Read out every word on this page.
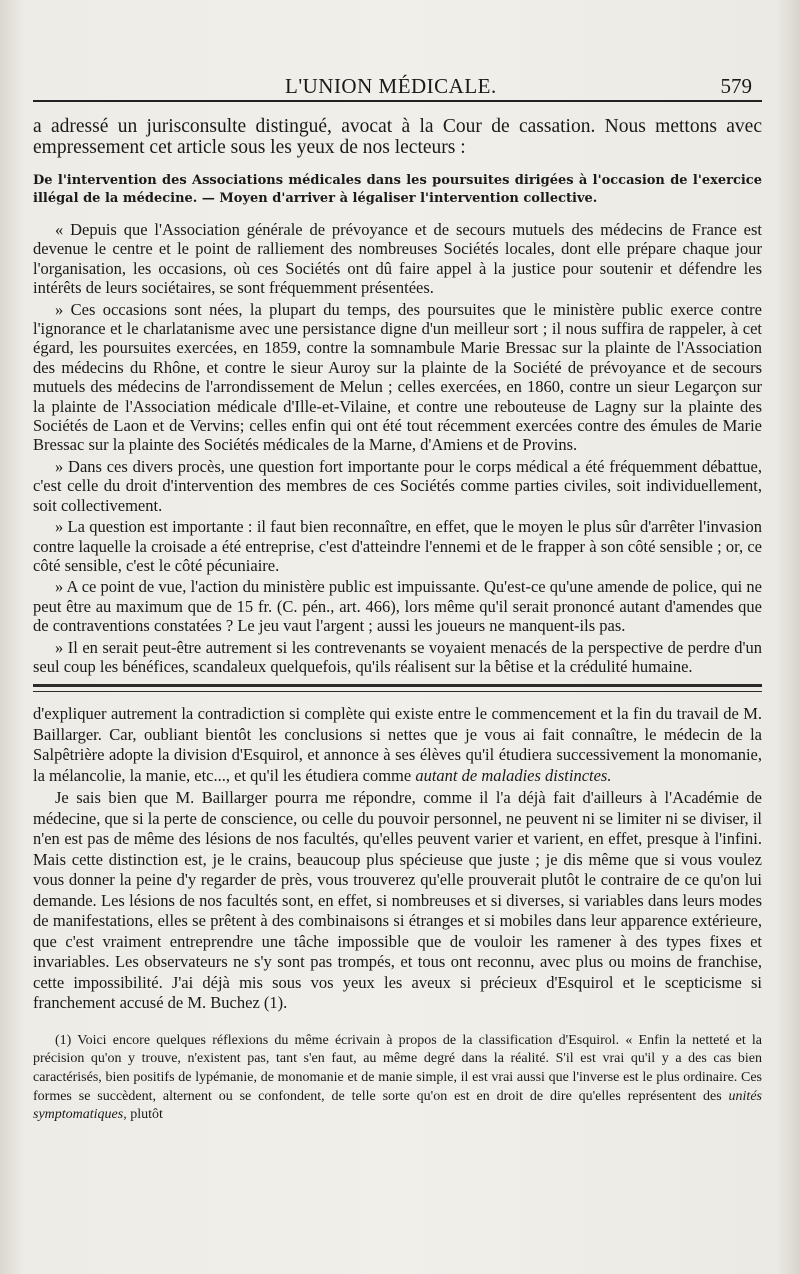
L'UNION MÉDICALE.	579

a adressé un jurisconsulte distingué, avocat à la Cour de cassation. Nous mettons avec empressement cet article sous les yeux de nos lecteurs :

De l'intervention des Associations médicales dans les poursuites dirigées à l'occasion de l'exercice illégal de la médecine. — Moyen d'arriver à légaliser l'intervention collective.

« Depuis que l'Association générale de prévoyance et de secours mutuels des médecins de France est devenue le centre et le point de ralliement des nombreuses Sociétés locales, dont elle prépare chaque jour l'organisation, les occasions, où ces Sociétés ont dû faire appel à la justice pour soutenir et défendre les intérêts de leurs sociétaires, se sont fréquemment présentées.

» Ces occasions sont nées, la plupart du temps, des poursuites que le ministère public exerce contre l'ignorance et le charlatanisme avec une persistance digne d'un meilleur sort ; il nous suffira de rappeler, à cet égard, les poursuites exercées, en 1859, contre la somnambule Marie Bressac sur la plainte de l'Association des médecins du Rhône, et contre le sieur Auroy sur la plainte de la Société de prévoyance et de secours mutuels des médecins de l'arrondissement de Melun ; celles exercées, en 1860, contre un sieur Legarçon sur la plainte de l'Association médicale d'Ille-et-Vilaine, et contre une rebouteuse de Lagny sur la plainte des Sociétés de Laon et de Vervins; celles enfin qui ont été tout récemment exercées contre des émules de Marie Bressac sur la plainte des Sociétés médicales de la Marne, d'Amiens et de Provins.

» Dans ces divers procès, une question fort importante pour le corps médical a été fréquemment débattue, c'est celle du droit d'intervention des membres de ces Sociétés comme parties civiles, soit individuellement, soit collectivement.

» La question est importante : il faut bien reconnaître, en effet, que le moyen le plus sûr d'arrêter l'invasion contre laquelle la croisade a été entreprise, c'est d'atteindre l'ennemi et de le frapper à son côté sensible ; or, ce côté sensible, c'est le côté pécuniaire.

» A ce point de vue, l'action du ministère public est impuissante. Qu'est-ce qu'une amende de police, qui ne peut être au maximum que de 15 fr. (C. pén., art. 466), lors même qu'il serait prononcé autant d'amendes que de contraventions constatées ? Le jeu vaut l'argent ; aussi les joueurs ne manquent-ils pas.

» Il en serait peut-être autrement si les contrevenants se voyaient menacés de la perspective de perdre d'un seul coup les bénéfices, scandaleux quelquefois, qu'ils réalisent sur la bêtise et la crédulité humaine.

d'expliquer autrement la contradiction si complète qui existe entre le commencement et la fin du travail de M. Baillarger. Car, oubliant bientôt les conclusions si nettes que je vous ai fait connaître, le médecin de la Salpêtrière adopte la division d'Esquirol, et annonce à ses élèves qu'il étudiera successivement la monomanie, la mélancolie, la manie, etc..., et qu'il les étudiera comme autant de maladies distinctes.

Je sais bien que M. Baillarger pourra me répondre, comme il l'a déjà fait d'ailleurs à l'Académie de médecine, que si la perte de conscience, ou celle du pouvoir personnel, ne peuvent ni se limiter ni se diviser, il n'en est pas de même des lésions de nos facultés, qu'elles peuvent varier et varient, en effet, presque à l'infini. Mais cette distinction est, je le crains, beaucoup plus spécieuse que juste ; je dis même que si vous voulez vous donner la peine d'y regarder de près, vous trouverez qu'elle prouverait plutôt le contraire de ce qu'on lui demande. Les lésions de nos facultés sont, en effet, si nombreuses et si diverses, si variables dans leurs modes de manifestations, elles se prêtent à des combinaisons si étranges et si mobiles dans leur apparence extérieure, que c'est vraiment entreprendre une tâche impossible que de vouloir les ramener à des types fixes et invariables. Les observateurs ne s'y sont pas trompés, et tous ont reconnu, avec plus ou moins de franchise, cette impossibilité. J'ai déjà mis sous vos yeux les aveux si précieux d'Esquirol et le scepticisme si franchement accusé de M. Buchez (1).

(1) Voici encore quelques réflexions du même écrivain à propos de la classification d'Esquirol. « Enfin la netteté et la précision qu'on y trouve, n'existent pas, tant s'en faut, au même degré dans la réalité. S'il est vrai qu'il y a des cas bien caractérisés, bien positifs de lypémanie, de monomanie et de manie simple, il est vrai aussi que l'inverse est le plus ordinaire. Ces formes se succèdent, alternent ou se confondent, de telle sorte qu'on est en droit de dire qu'elles représentent des unités symptomatiques, plutôt
